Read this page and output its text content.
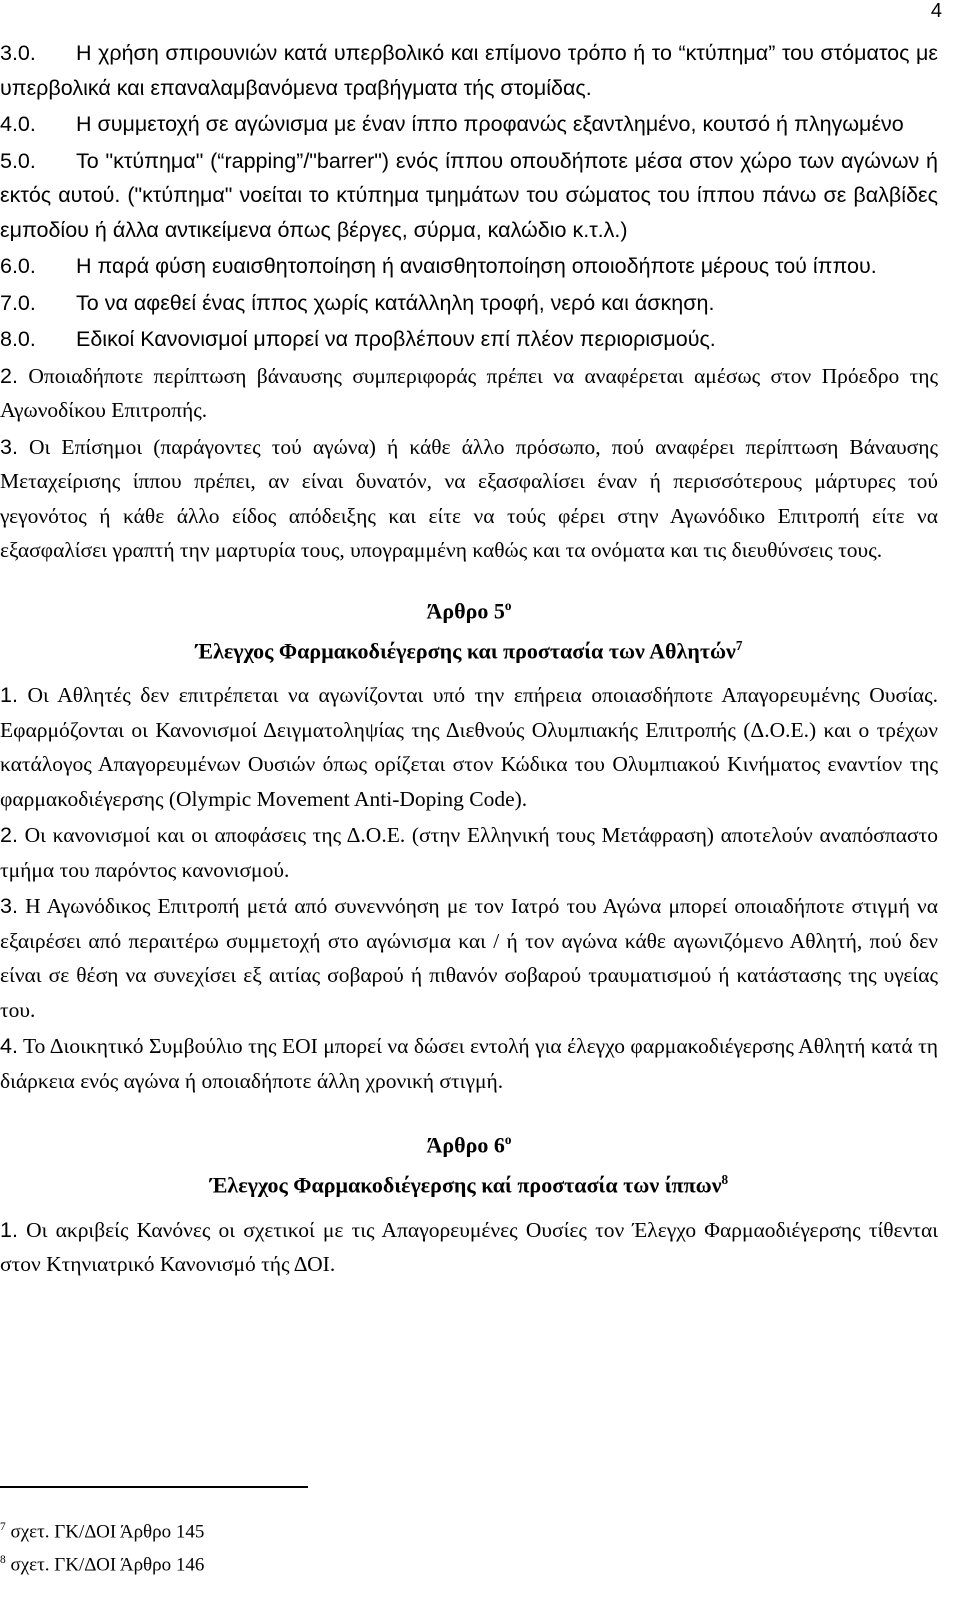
4

3.0. Η χρήση σπιρουνιών κατά υπερβολικό και επίμονο τρόπο ή το “κτύπημα” του στόματος με υπερβολικά και επαναλαμβανόμενα τραβήγματα τής στομίδας.

4.0. Η συμμετοχή σε αγώνισμα με έναν ίππο προφανώς εξαντλημένο, κουτσό ή πληγωμένο

5.0. Το "κτύπημα" (“rapping”/"barrer") ενός ίππου οπουδήποτε μέσα στον χώρο των αγώνων ή εκτός αυτού. ("κτύπημα" νοείται το κτύπημα τμημάτων του σώματος του ίππου πάνω σε βαλβίδες εμποδίου ή άλλα αντικείμενα όπως βέργες, σύρμα, καλώδιο κ.τ.λ.)

6.0. Η παρά φύση ευαισθητοποίηση ή αναισθητοποίηση οποιοδήποτε μέρους τού ίππου.

7.0. Το να αφεθεί ένας ίππος χωρίς κατάλληλη τροφή, νερό και άσκηση.

8.0. Εδικοί Κανονισμοί μπορεί να προβλέπουν επί πλέον περιορισμούς.

2. Οποιαδήποτε περίπτωση βάναυσης συμπεριφοράς πρέπει να αναφέρεται αμέσως στον Πρόεδρο της Αγωνοδίκου Επιτροπής.

3. Οι Επίσημοι (παράγοντες τού αγώνα) ή κάθε άλλο πρόσωπο, πού αναφέρει περίπτωση Βάναυσης Μεταχείρισης ίππου πρέπει, αν είναι δυνατόν, να εξασφαλίσει έναν ή περισσότερους μάρτυρες τού γεγονότος ή κάθε άλλο είδος απόδειξης και είτε να τούς φέρει στην Αγωνόδικο Επιτροπή είτε να εξασφαλίσει γραπτή την μαρτυρία τους, υπογραμμένη καθώς και τα ονόματα και τις διευθύνσεις τους.

Άρθρο $5^o$
Έλεγχος Φαρμακοδιέγερσης και προστασία των Αθλητών$^7$

1. Οι Αθλητές δεν επιτρέπεται να αγωνίζονται υπό την επήρεια οποιασδήποτε Απαγορευμένης Ουσίας. Εφαρμόζονται οι Κανονισμοί Δειγματοληψίας της Διεθνούς Ολυμπιακής Επιτροπής (Δ.Ο.Ε.) και ο τρέχων κατάλογος Απαγορευμένων Ουσιών όπως ορίζεται στον Κώδικα του Ολυμπιακού Κινήματος εναντίον της φαρμακοδιέγερσης (Olympic Movement Anti-Doping Code).

2. Οι κανονισμοί και οι αποφάσεις της Δ.Ο.Ε. (στην Ελληνική τους Μετάφραση) αποτελούν αναπόσπαστο τμήμα του παρόντος κανονισμού.

3. Η Αγωνόδικος Επιτροπή μετά από συνεννόηση με τον Ιατρό του Αγώνα μπορεί οποιαδήποτε στιγμή να εξαιρέσει από περαιτέρω συμμετοχή στο αγώνισμα και / ή τον αγώνα κάθε αγωνιζόμενο Αθλητή, πού δεν είναι σε θέση να συνεχίσει εξ αιτίας σοβαρού ή πιθανόν σοβαρού τραυματισμού ή κατάστασης της υγείας του.

4. Το Διοικητικό Συμβούλιο της ΕΟΙ μπορεί να δώσει εντολή για έλεγχο φαρμακοδιέγερσης Αθλητή κατά τη διάρκεια ενός αγώνα ή οποιαδήποτε άλλη χρονική στιγμή.

Άρθρο $6^o$
Έλεγχος Φαρμακοδιέγερσης καί προστασία των ίππων$^8$

1. Οι ακριβείς Κανόνες οι σχετικοί με τις Απαγορευμένες Ουσίες τον Έλεγχο Φαρμαοδιέγερσης τίθενται στον Κτηνιατρικό Κανονισμό τής ΔΟΙ.

$^7$ σχετ. ΓΚ/ΔΟΙ Άρθρο 145
$^8$ σχετ. ΓΚ/ΔΟΙ Άρθρο 146
